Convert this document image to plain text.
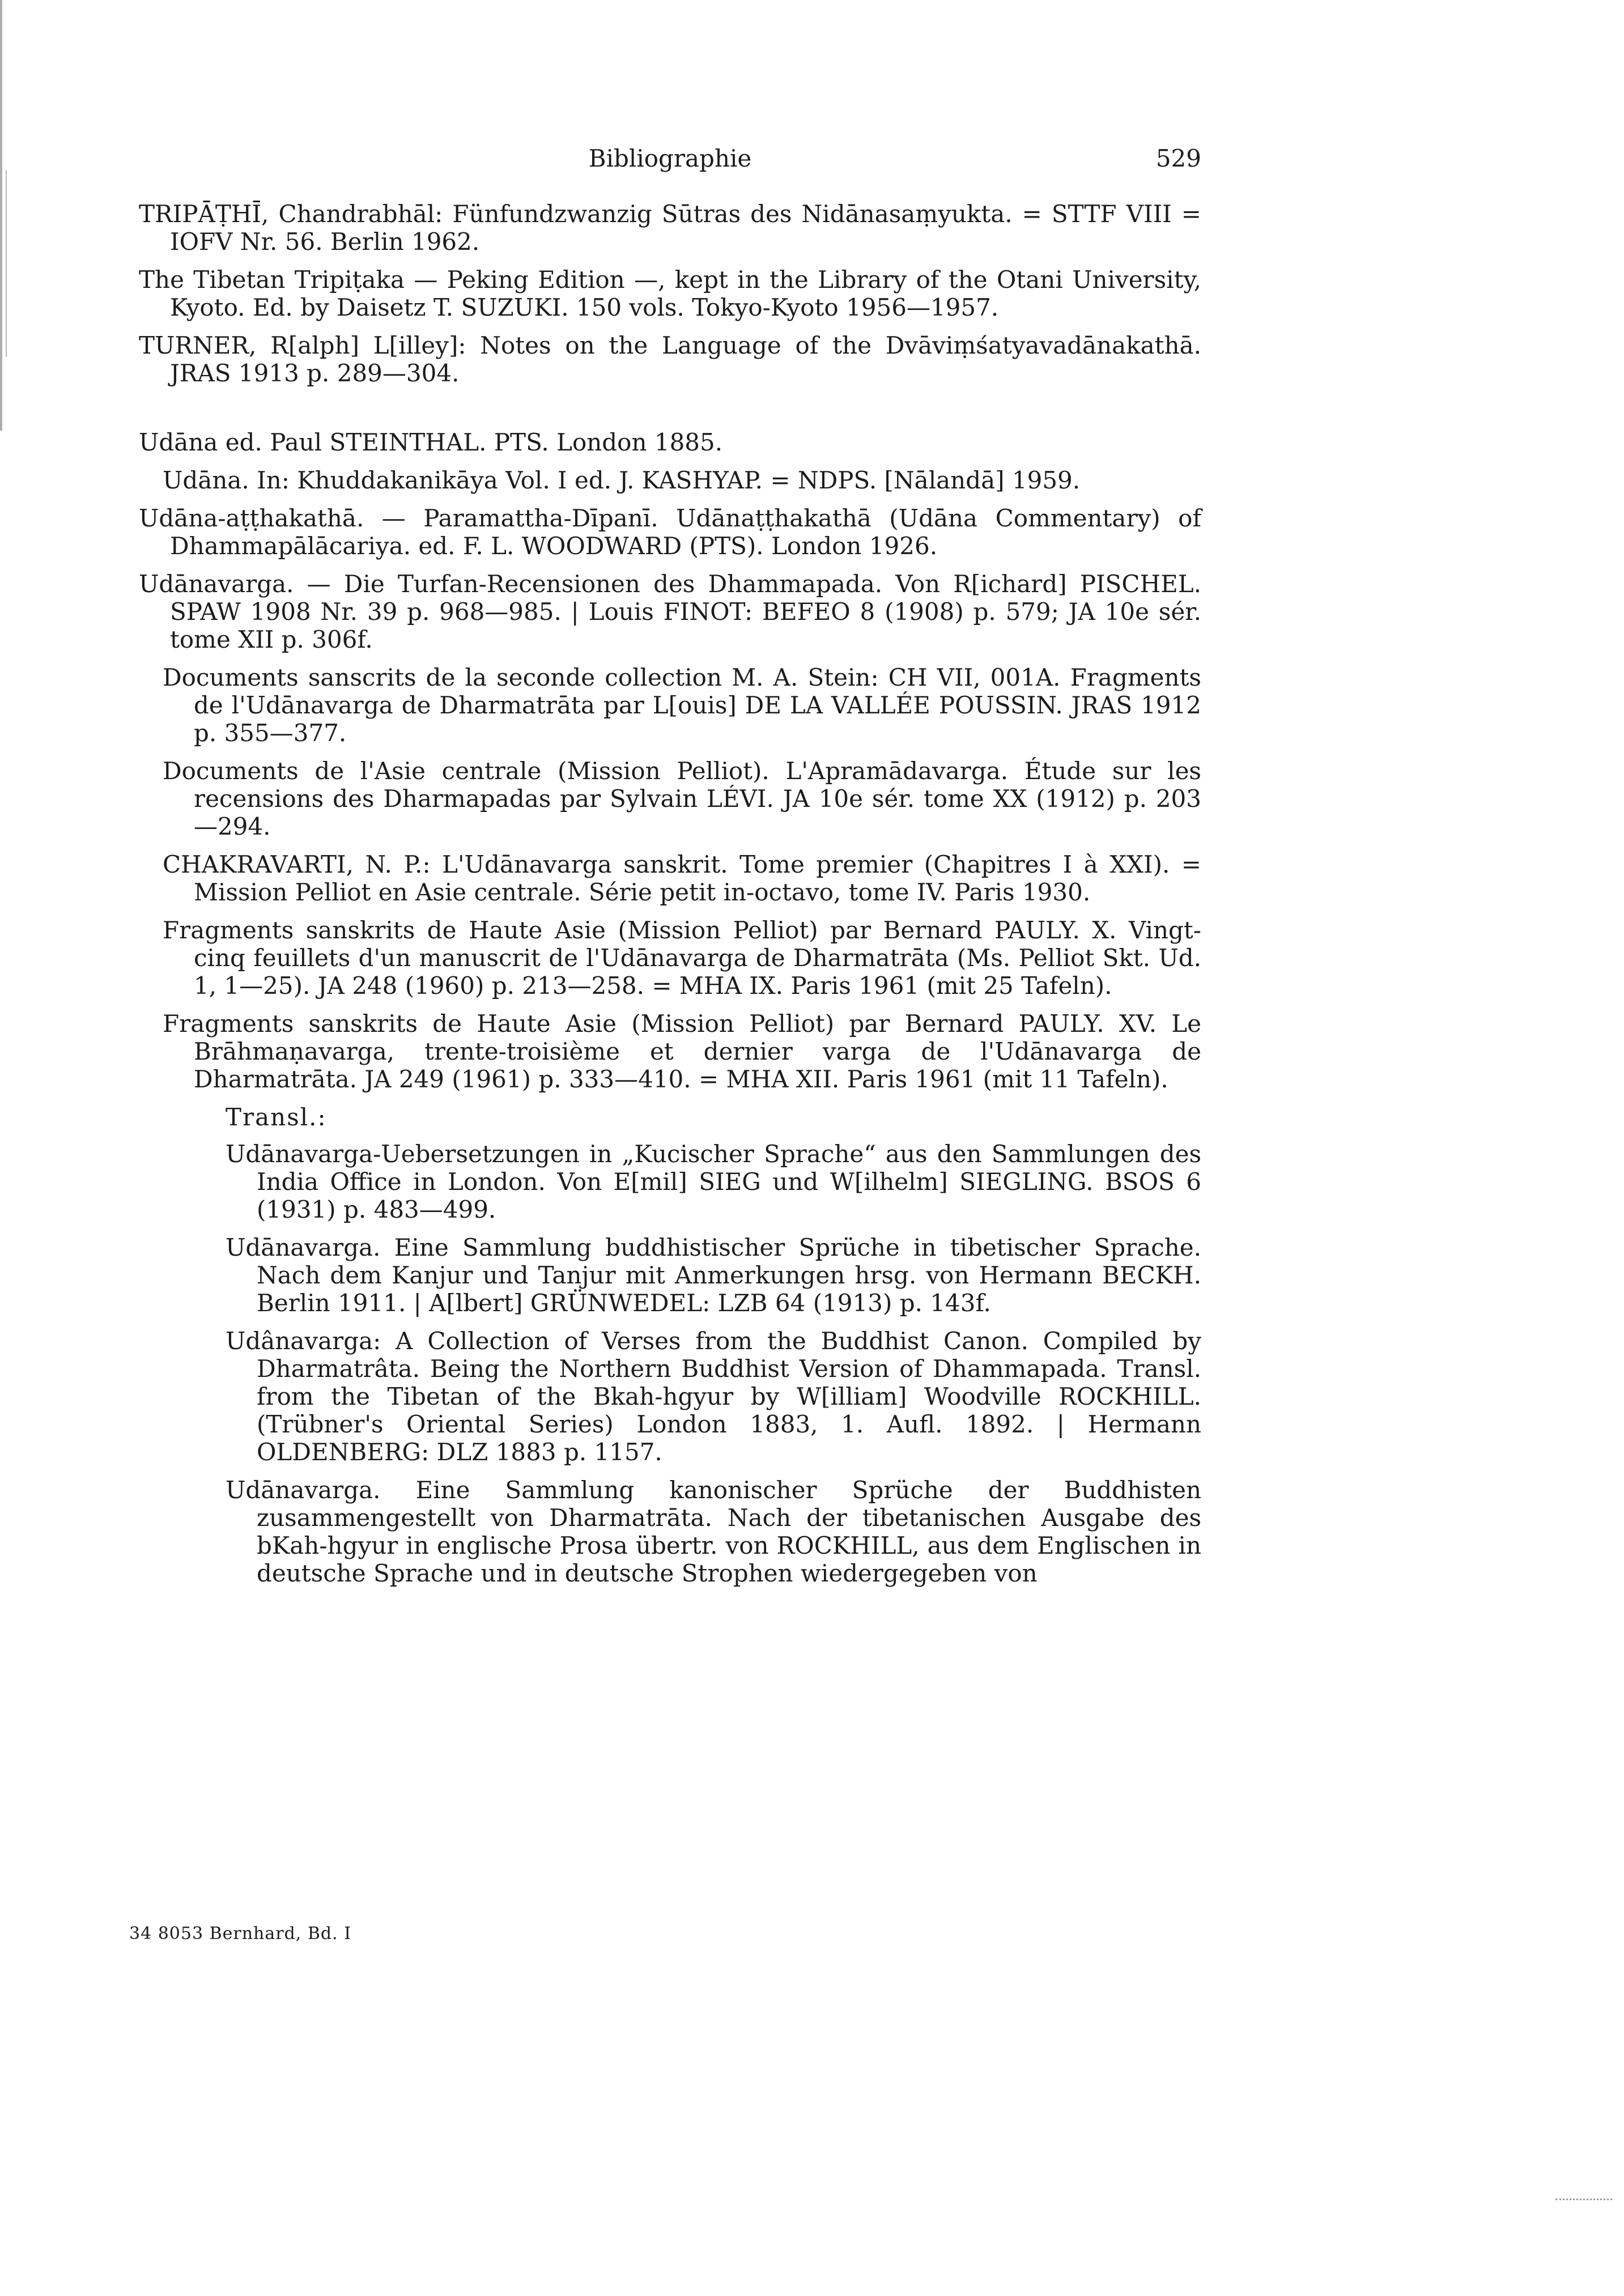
Bibliographie	529

TRIPĀṬHĪ, Chandrabhāl: Fünfundzwanzig Sūtras des Nidānasaṃyukta. = STTF VIII = IOFV Nr. 56. Berlin 1962.

The Tibetan Tripiṭaka — Peking Edition —, kept in the Library of the Otani University, Kyoto. Ed. by Daisetz T. SUZUKI. 150 vols. Tokyo-Kyoto 1956—1957.

TURNER, R[alph] L[illey]: Notes on the Language of the Dvāviṃśatyavadānakathā. JRAS 1913 p. 289—304.

Udāna ed. Paul STEINTHAL. PTS. London 1885.

Udāna. In: Khuddakanikāya Vol. I ed. J. KASHYAP. = NDPS. [Nālandā] 1959.

Udāna-aṭṭhakathā. — Paramattha-Dīpanī. Udānaṭṭhakathā (Udāna Commentary) of Dhammapālācariya. ed. F. L. WOODWARD (PTS). London 1926.

Udānavarga. — Die Turfan-Recensionen des Dhammapada. Von R[ichard] PISCHEL. SPAW 1908 Nr. 39 p. 968—985. | Louis FINOT: BEFEO 8 (1908) p. 579; JA 10e sér. tome XII p. 306f.

Documents sanscrits de la seconde collection M. A. Stein: CH VII, 001A. Fragments de l'Udānavarga de Dharmatrāta par L[ouis] DE LA VALLÉE POUSSIN. JRAS 1912 p. 355—377.

Documents de l'Asie centrale (Mission Pelliot). L'Apramādavarga. Étude sur les recensions des Dharmapadas par Sylvain LÉVI. JA 10e sér. tome XX (1912) p. 203—294.

CHAKRAVARTI, N. P.: L'Udānavarga sanskrit. Tome premier (Chapitres I à XXI). = Mission Pelliot en Asie centrale. Série petit in-octavo, tome IV. Paris 1930.

Fragments sanskrits de Haute Asie (Mission Pelliot) par Bernard PAULY. X. Vingt-cinq feuillets d'un manuscrit de l'Udānavarga de Dharmatrāta (Ms. Pelliot Skt. Ud. 1, 1—25). JA 248 (1960) p. 213—258. = MHA IX. Paris 1961 (mit 25 Tafeln).

Fragments sanskrits de Haute Asie (Mission Pelliot) par Bernard PAULY. XV. Le Brāhmaṇavarga, trente-troisième et dernier varga de l'Udānavarga de Dharmatrāta. JA 249 (1961) p. 333—410. = MHA XII. Paris 1961 (mit 11 Tafeln).

Transl.:

Udānavarga-Uebersetzungen in „Kucischer Sprache“ aus den Sammlungen des India Office in London. Von E[mil] SIEG und W[ilhelm] SIEGLING. BSOS 6 (1931) p. 483—499.

Udānavarga. Eine Sammlung buddhistischer Sprüche in tibetischer Sprache. Nach dem Kanjur und Tanjur mit Anmerkungen hrsg. von Hermann BECKH. Berlin 1911. | A[lbert] GRÜNWEDEL: LZB 64 (1913) p. 143f.

Udânavarga: A Collection of Verses from the Buddhist Canon. Compiled by Dharmatrâta. Being the Northern Buddhist Version of Dhammapada. Transl. from the Tibetan of the Bkah-hgyur by W[illiam] Woodville ROCKHILL. (Trübner's Oriental Series) London 1883, 1. Aufl. 1892. | Hermann OLDENBERG: DLZ 1883 p. 1157.

Udānavarga. Eine Sammlung kanonischer Sprüche der Buddhisten zusammengestellt von Dharmatrāta. Nach der tibetanischen Ausgabe des bKah-hgyur in englische Prosa übertr. von ROCKHILL, aus dem Englischen in deutsche Sprache und in deutsche Strophen wiedergegeben von

34 8053 Bernhard, Bd. I
